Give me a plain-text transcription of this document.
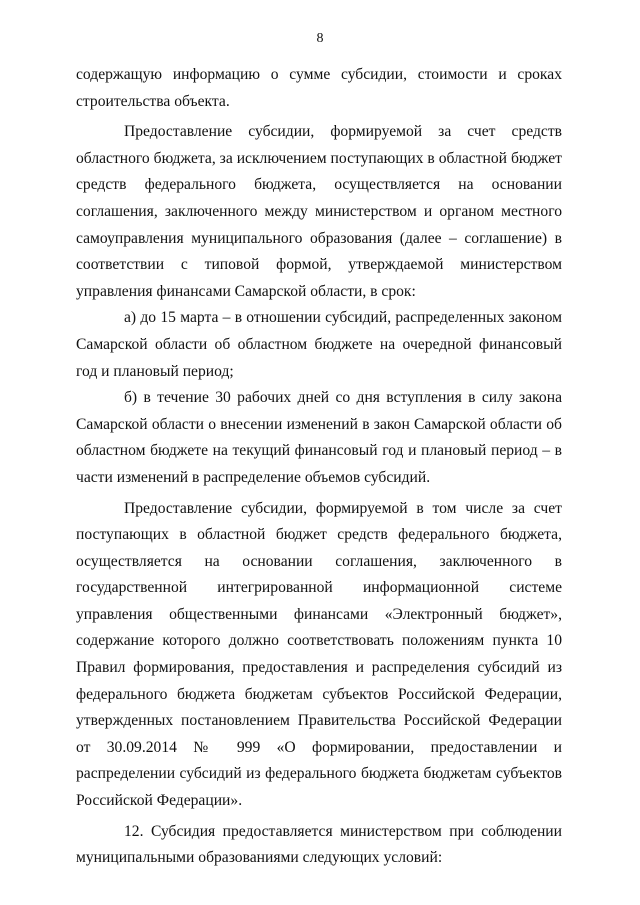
8

содержащую информацию о сумме субсидии, стоимости и сроках строительства объекта.

Предоставление субсидии, формируемой за счет средств областного бюджета, за исключением поступающих в областной бюджет средств федерального бюджета, осуществляется на основании соглашения, заключенного между министерством и органом местного самоуправления муниципального образования (далее – соглашение) в соответствии с типовой формой, утверждаемой министерством управления финансами Самарской области, в срок:

а) до 15 марта – в отношении субсидий, распределенных законом Самарской области об областном бюджете на очередной финансовый год и плановый период;

б) в течение 30 рабочих дней со дня вступления в силу закона Самарской области о внесении изменений в закон Самарской области об областном бюджете на текущий финансовый год и плановый период – в части изменений в распределение объемов субсидий.

Предоставление субсидии, формируемой в том числе за счет поступающих в областной бюджет средств федерального бюджета, осуществляется на основании соглашения, заключенного в государственной интегрированной информационной системе управления общественными финансами «Электронный бюджет», содержание которого должно соответствовать положениям пункта 10 Правил формирования, предоставления и распределения субсидий из федерального бюджета бюджетам субъектов Российской Федерации, утвержденных постановлением Правительства Российской Федерации от 30.09.2014 № 999 «О формировании, предоставлении и распределении субсидий из федерального бюджета бюджетам субъектов Российской Федерации».

12. Субсидия предоставляется министерством при соблюдении муниципальными образованиями следующих условий:
